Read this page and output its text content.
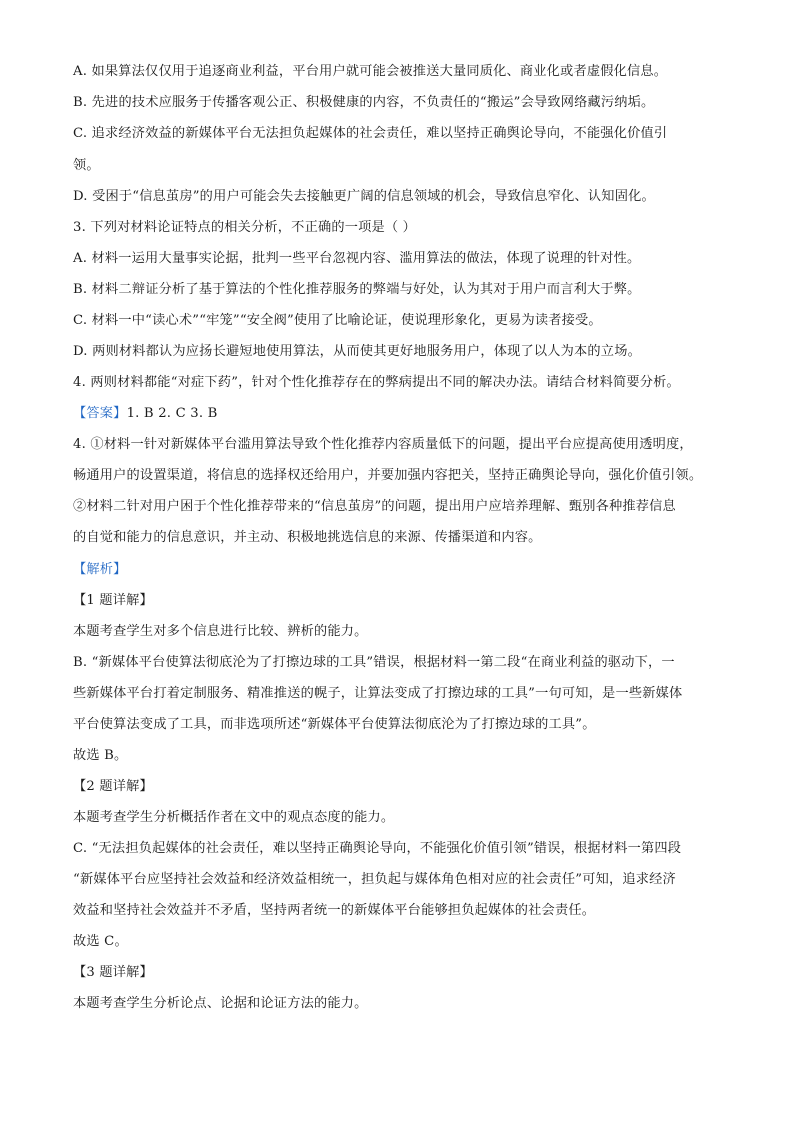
A. 如果算法仅仅用于追逐商业利益，平台用户就可能会被推送大量同质化、商业化或者虚假化信息。
B. 先进的技术应服务于传播客观公正、积极健康的内容，不负责任的“搬运”会导致网络藏污纳垢。
C. 追求经济效益的新媒体平台无法担负起媒体的社会责任，难以坚持正确舆论导向，不能强化价值引
领。
D. 受困于“信息茧房”的用户可能会失去接触更广阔的信息领域的机会，导致信息窄化、认知固化。
3. 下列对材料论证特点的相关分析，不正确的一项是（ ）
A. 材料一运用大量事实论据，批判一些平台忽视内容、滥用算法的做法，体现了说理的针对性。
B. 材料二辩证分析了基于算法的个性化推荐服务的弊端与好处，认为其对于用户而言利大于弊。
C. 材料一中“读心术”“牢笼”“安全阀”使用了比喻论证，使说理形象化，更易为读者接受。
D. 两则材料都认为应扬长避短地使用算法，从而使其更好地服务用户，体现了以人为本的立场。
4. 两则材料都能“对症下药”，针对个性化推荐存在的弊病提出不同的解决办法。请结合材料简要分析。
【答案】1. B 2. C 3. B
4. ①材料一针对新媒体平台滥用算法导致个性化推荐内容质量低下的问题，提出平台应提高使用透明度，
畅通用户的设置渠道，将信息的选择权还给用户，并要加强内容把关，坚持正确舆论导向，强化价值引领。
②材料二针对用户困于个性化推荐带来的“信息茧房”的问题，提出用户应培养理解、甄别各种推荐信息
的自觉和能力的信息意识，并主动、积极地挑选信息的来源、传播渠道和内容。
【解析】
【1 题详解】
本题考查学生对多个信息进行比较、辨析的能力。
B. “新媒体平台使算法彻底沦为了打擦边球的工具”错误，根据材料一第二段“在商业利益的驱动下，一
些新媒体平台打着定制服务、精准推送的幌子，让算法变成了打擦边球的工具”一句可知，是一些新媒体
平台使算法变成了工具，而非选项所述“新媒体平台使算法彻底沦为了打擦边球的工具”。
故选 B。
【2 题详解】
本题考查学生分析概括作者在文中的观点态度的能力。
C. “无法担负起媒体的社会责任，难以坚持正确舆论导向，不能强化价值引领”错误，根据材料一第四段
“新媒体平台应坚持社会效益和经济效益相统一，担负起与媒体角色相对应的社会责任”可知，追求经济
效益和坚持社会效益并不矛盾，坚持两者统一的新媒体平台能够担负起媒体的社会责任。
故选 C。
【3 题详解】
本题考查学生分析论点、论据和论证方法的能力。
